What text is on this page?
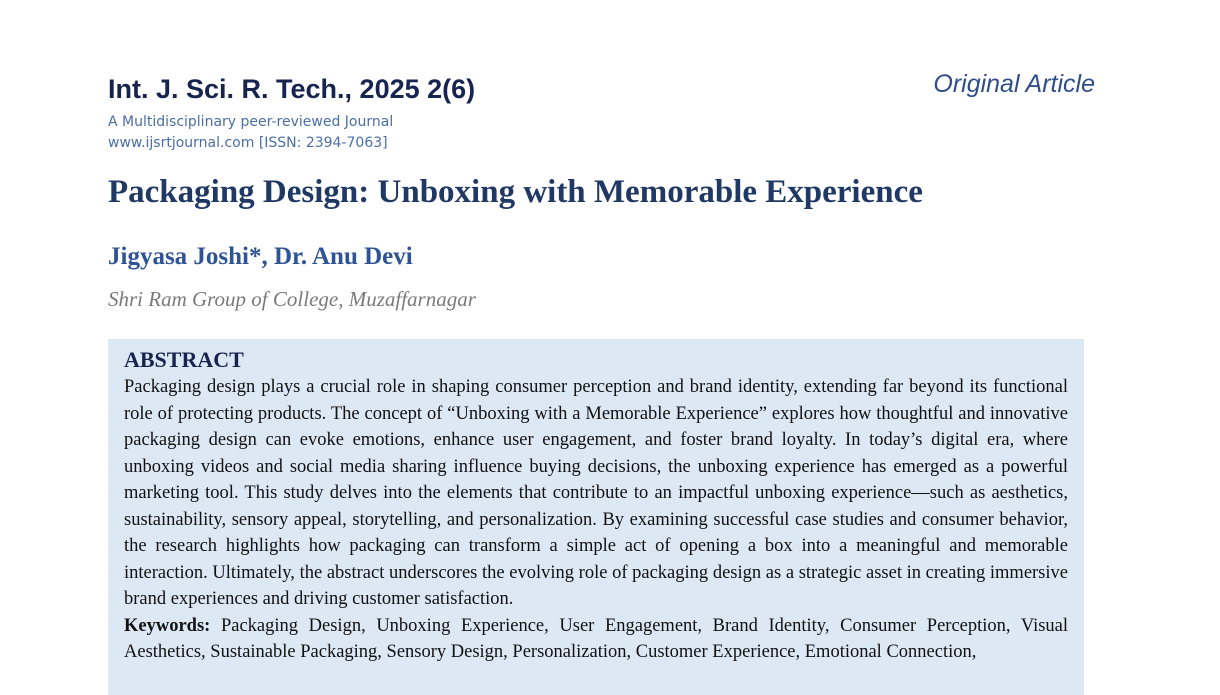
Int. J. Sci. R. Tech., 2025 2(6)
A Multidisciplinary peer-reviewed Journal
www.ijsrtjournal.com [ISSN: 2394-7063]
Original Article
Packaging Design: Unboxing with Memorable Experience
Jigyasa Joshi*, Dr. Anu Devi
Shri Ram Group of College, Muzaffarnagar

ABSTRACT

Packaging design plays a crucial role in shaping consumer perception and brand identity, extending far beyond its functional role of protecting products. The concept of “Unboxing with a Memorable Experience” explores how thoughtful and innovative packaging design can evoke emotions, enhance user engagement, and foster brand loyalty. In today’s digital era, where unboxing videos and social media sharing influence buying decisions, the unboxing experience has emerged as a powerful marketing tool. This study delves into the elements that contribute to an impactful unboxing experience—such as aesthetics, sustainability, sensory appeal, storytelling, and personalization. By examining successful case studies and consumer behavior, the research highlights how packaging can transform a simple act of opening a box into a meaningful and memorable interaction. Ultimately, the abstract underscores the evolving role of packaging design as a strategic asset in creating immersive brand experiences and driving customer satisfaction.

Keywords: Packaging Design, Unboxing Experience, User Engagement, Brand Identity, Consumer Perception, Visual Aesthetics, Sustainable Packaging, Sensory Design, Personalization, Customer Experience, Emotional Connection,
